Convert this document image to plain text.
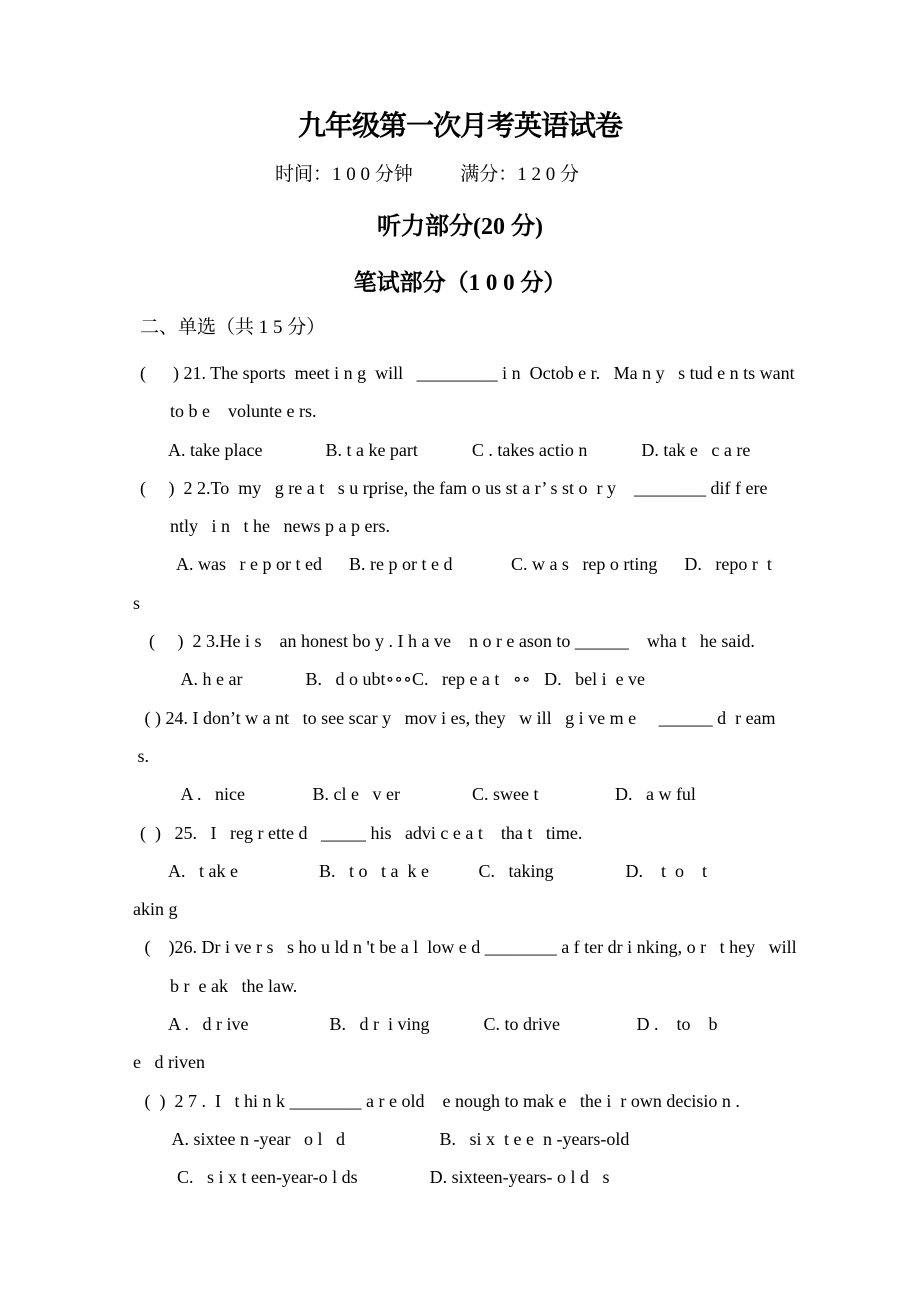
九年级第一次月考英语试卷
时间：1 0 0 分钟          满分：1 2 0 分
听力部分(20 分)
笔试部分（1 0 0 分）
二、单选（共 1 5 分）
(      ) 21. The sports  meet i n g  will   _________ i n  Octob e r.   Ma n y   s tud e n ts want
to b e    volunte e rs.
A. take place              B. t a ke part            C . takes actio n            D. tak e   c a re
(     )  2 2.To  my   g re a t   s u rprise, the fam o us st a r’ s st o  r y    ________ dif f ere
ntly   i n   t he   news p a p ers.
A. was   r e p or t ed      B. re p or t e d             C. w a s   rep o rting      D.   repo r  t
s
(     )  2 3.He i s    an honest bo y . I h a ve    n o r e ason to ______    wha t   he said.
A. h e ar              B.   d o ubt∘∘∘C.   rep e a t   ∘∘   D.   bel i  e ve
( ) 24. I don’t w a nt   to see scar y   mov i es, they   w ill   g i ve m e     ______ d  r eam
s.
A .   nice               B. cl e   v er                C. swee t                 D.   a w ful
(  )   25.   I   reg r ette d   _____ his   advi c e a t    tha t   time.
A.   t ak e                  B.   t o   t a  k e           C.   taking                D.    t  o    t
akin g
(    )26. Dr i ve r s   s ho u ld n 't be a l  low e d ________ a f ter dr i nking, o r   t hey   will
b r  e ak   the law.
A .   d r ive                  B.   d r  i ving            C. to drive                 D .    to    b
e   d riven
(  )  2 7 .  I   t hi n k ________ a r e old    e nough to mak e   the i  r own decisio n .
A. sixtee n -year   o l   d                     B.   si x  t e e  n -years-old
C.   s i x t een-year-o l ds                D. sixteen-years- o l d   s
